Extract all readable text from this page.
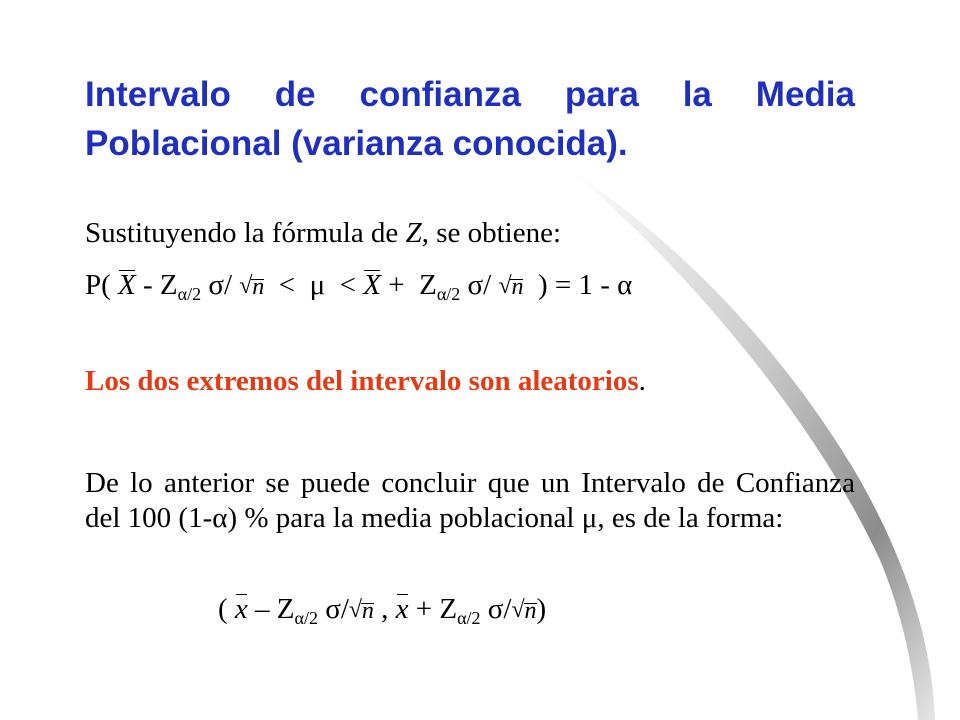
Intervalo de confianza para la Media Poblacional (varianza conocida).
Sustituyendo la fórmula de Z, se obtiene:
P( X - $Z_{\alpha/2}$ σ/ √ $n < \mu < X + Z_{\alpha/2}$ σ/ √ n ) = 1 - α
Los dos extremos del intervalo son aleatorios.
De lo anterior se puede concluir que un Intervalo de Confianza del 100 (1-α) % para la media poblacional μ, es de la forma:
( x – $Z_{\alpha/2}$ σ/ √ n , $x + Z_{\alpha/2}$ σ/ √ n)
